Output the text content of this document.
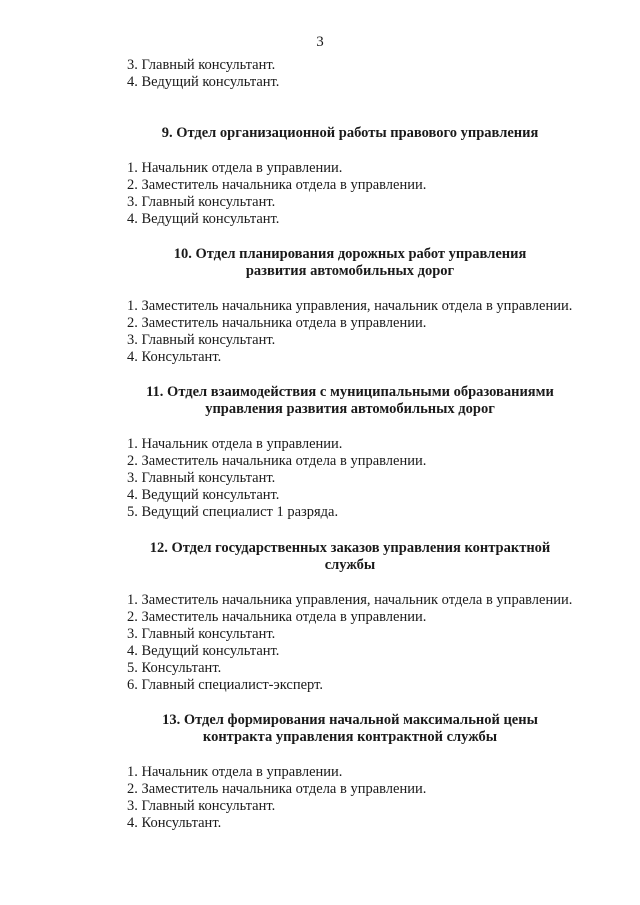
3
3. Главный консультант.
4. Ведущий консультант.
9. Отдел организационной работы правового управления
1. Начальник отдела в управлении.
2. Заместитель начальника отдела в управлении.
3. Главный консультант.
4. Ведущий консультант.
10. Отдел планирования дорожных работ управления
развития автомобильных дорог
1. Заместитель начальника управления, начальник отдела в управлении.
2. Заместитель начальника отдела в управлении.
3. Главный консультант.
4. Консультант.
11. Отдел взаимодействия с муниципальными образованиями
управления развития автомобильных дорог
1. Начальник отдела в управлении.
2. Заместитель начальника отдела в управлении.
3. Главный консультант.
4. Ведущий консультант.
5. Ведущий специалист 1 разряда.
12. Отдел государственных заказов управления контрактной
службы
1. Заместитель начальника управления, начальник отдела в управлении.
2. Заместитель начальника отдела в управлении.
3. Главный консультант.
4. Ведущий консультант.
5. Консультант.
6. Главный специалист-эксперт.
13. Отдел формирования начальной максимальной цены
контракта управления контрактной службы
1. Начальник отдела в управлении.
2. Заместитель начальника отдела в управлении.
3. Главный консультант.
4. Консультант.
